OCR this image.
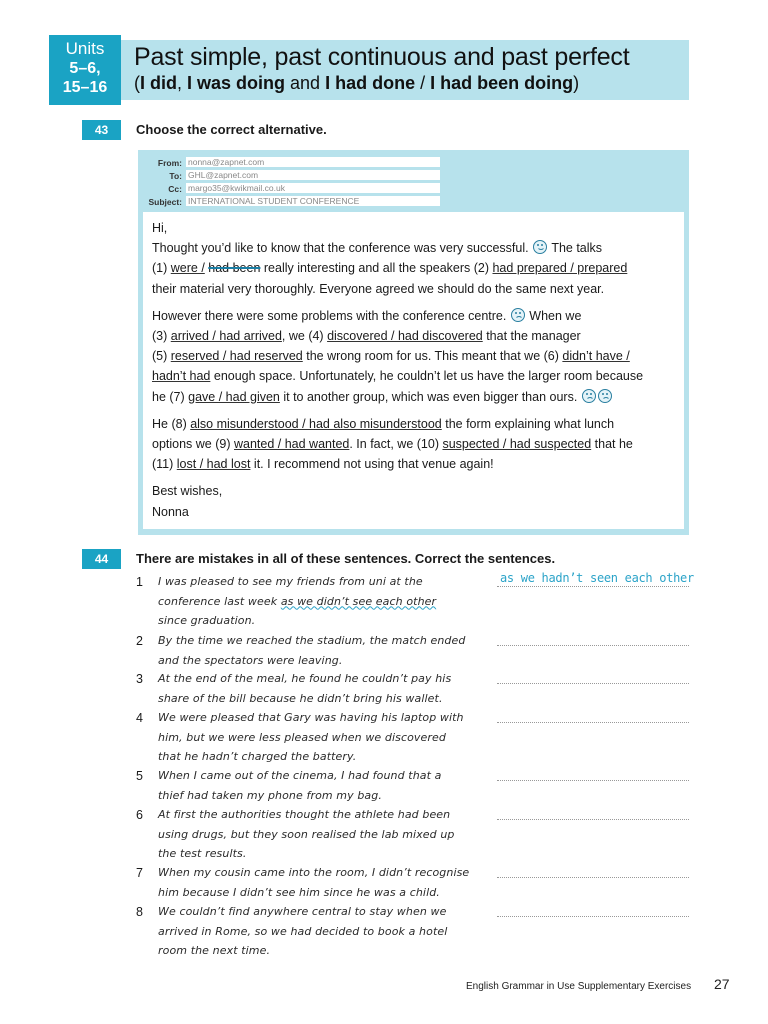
Units
5–6,
15–16
Past simple, past continuous and past perfect
(I did, I was doing and I had done / I had been doing)
43	Choose the correct alternative.
From: nonna@zapnet.com
To: GHL@zapnet.com
Cc: margo35@kwikmail.co.uk
Subject: INTERNATIONAL STUDENT CONFERENCE

Hi,
Thought you’d like to know that the conference was very successful.
The talks
(1) were / had been really interesting and all the speakers (2) had prepared / prepared
their material very thoroughly. Everyone agreed we should do the same next year.

However there were some problems with the conference centre.
When we
(3) arrived / had arrived, we (4) discovered / had discovered that the manager
(5) reserved / had reserved the wrong room for us. This meant that we (6) didn’t have /
hadn’t had enough space. Unfortunately, he couldn’t let us have the larger room because
he (7) gave / had given it to another group, which was even bigger than ours.

He (8) also misunderstood / had also misunderstood the form explaining what lunch
options we (9) wanted / had wanted. In fact, we (10) suspected / had suspected that he
(11) lost / had lost it. I recommend not using that venue again!

Best wishes,
Nonna

44	There are mistakes in all of these sentences. Correct the sentences.
1 I was pleased to see my friends from uni at the
conference last week as we didn’t see each other
since graduation.
as we hadn’t seen each other
2 By the time we reached the stadium, the match ended
and the spectators were leaving.
3 At the end of the meal, he found he couldn’t pay his
share of the bill because he didn’t bring his wallet.
4 We were pleased that Gary was having his laptop with
him, but we were less pleased when we discovered
that he hadn’t charged the battery.
5 When I came out of the cinema, I had found that a
thief had taken my phone from my bag.
6 At first the authorities thought the athlete had been
using drugs, but they soon realised the lab mixed up
the test results.
7 When my cousin came into the room, I didn’t recognise
him because I didn’t see him since he was a child.
8 We couldn’t find anywhere central to stay when we
arrived in Rome, so we had decided to book a hotel
room the next time.
English Grammar in Use Supplementary Exercises 27
